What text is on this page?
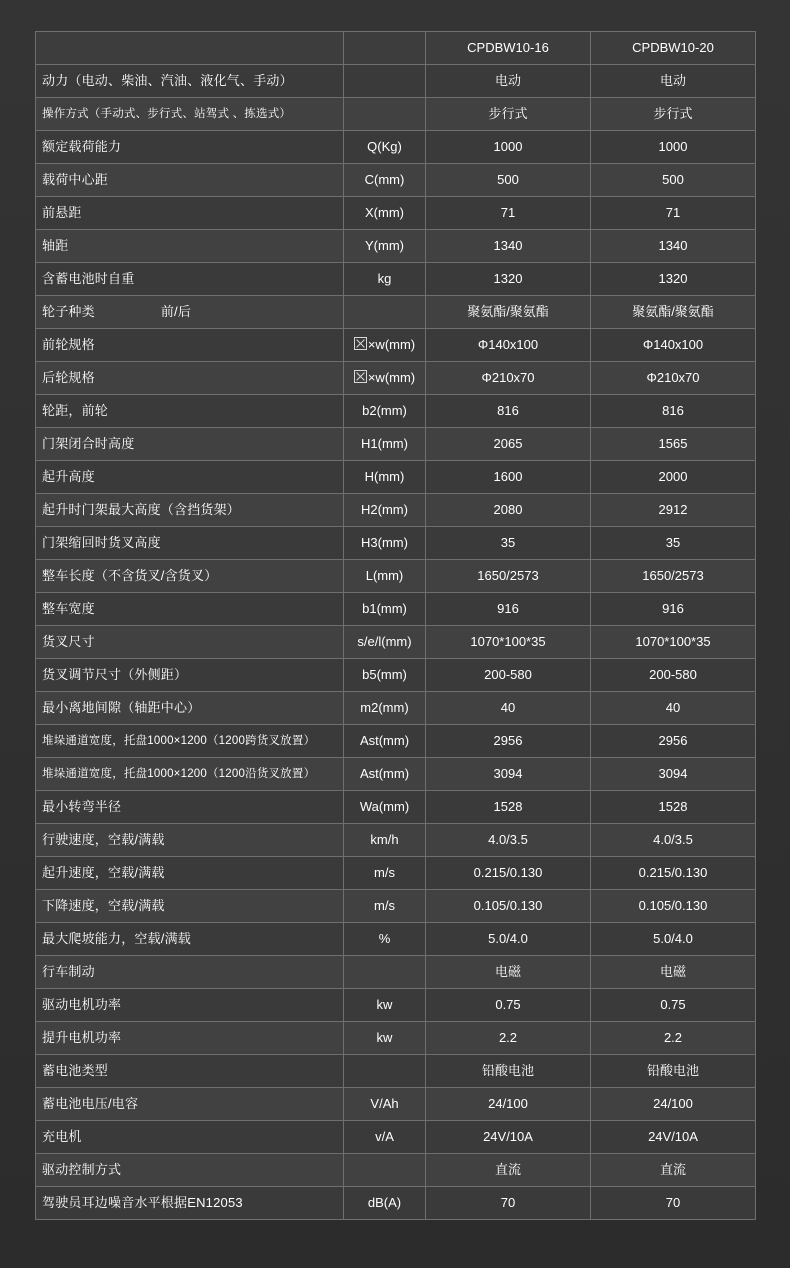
		CPDBW10-16	CPDBW10-20

动力（电动、柴油、汽油、液化气、手动）		电动	电动

操作方式（手动式、步行式、站驾式 、拣选式）		步行式	步行式

额定载荷能力	Q(Kg)	1000	1000

载荷中心距	C(mm)	500	500

前悬距	X(mm)	71	71

轴距	Y(mm)	1340	1340

含蓄电池时自重	kg	1320	1320

轮子种类 前/后		聚氨酯/聚氨酯	聚氨酯/聚氨酯

前轮规格	×w(mm)	Φ140x100	Φ140x100

后轮规格	×w(mm)	Φ210x70	Φ210x70

轮距，前轮	b2(mm)	816	816

门架闭合时高度	H1(mm)	2065	1565

起升高度	H(mm)	1600	2000

起升时门架最大高度（含挡货架）	H2(mm)	2080	2912

门架缩回时货叉高度	H3(mm)	35	35

整车长度（不含货叉/含货叉）	L(mm)	1650/2573	1650/2573

整车宽度	b1(mm)	916	916

货叉尺寸	s/e/l(mm)	1070*100*35	1070*100*35

货叉调节尺寸（外侧距）	b5(mm)	200-580	200-580

最小离地间隙（轴距中心）	m2(mm)	40	40

堆垛通道宽度，托盘1000×1200（1200跨货叉放置）	Ast(mm)	2956	2956

堆垛通道宽度，托盘1000×1200（1200沿货叉放置）	Ast(mm)	3094	3094

最小转弯半径	Wa(mm)	1528	1528

行驶速度，空载/满载	km/h	4.0/3.5	4.0/3.5

起升速度，空载/满载	m/s	0.215/0.130	0.215/0.130

下降速度，空载/满载	m/s	0.105/0.130	0.105/0.130

最大爬坡能力，空载/满载	%	5.0/4.0	5.0/4.0

行车制动		电磁	电磁

驱动电机功率	kw	0.75	0.75

提升电机功率	kw	2.2	2.2

蓄电池类型		铅酸电池	铅酸电池

蓄电池电压/电容	V/Ah	24/100	24/100

充电机	v/A	24V/10A	24V/10A

驱动控制方式		直流	直流

驾驶员耳边噪音水平根据EN12053	dB(A)	70	70
